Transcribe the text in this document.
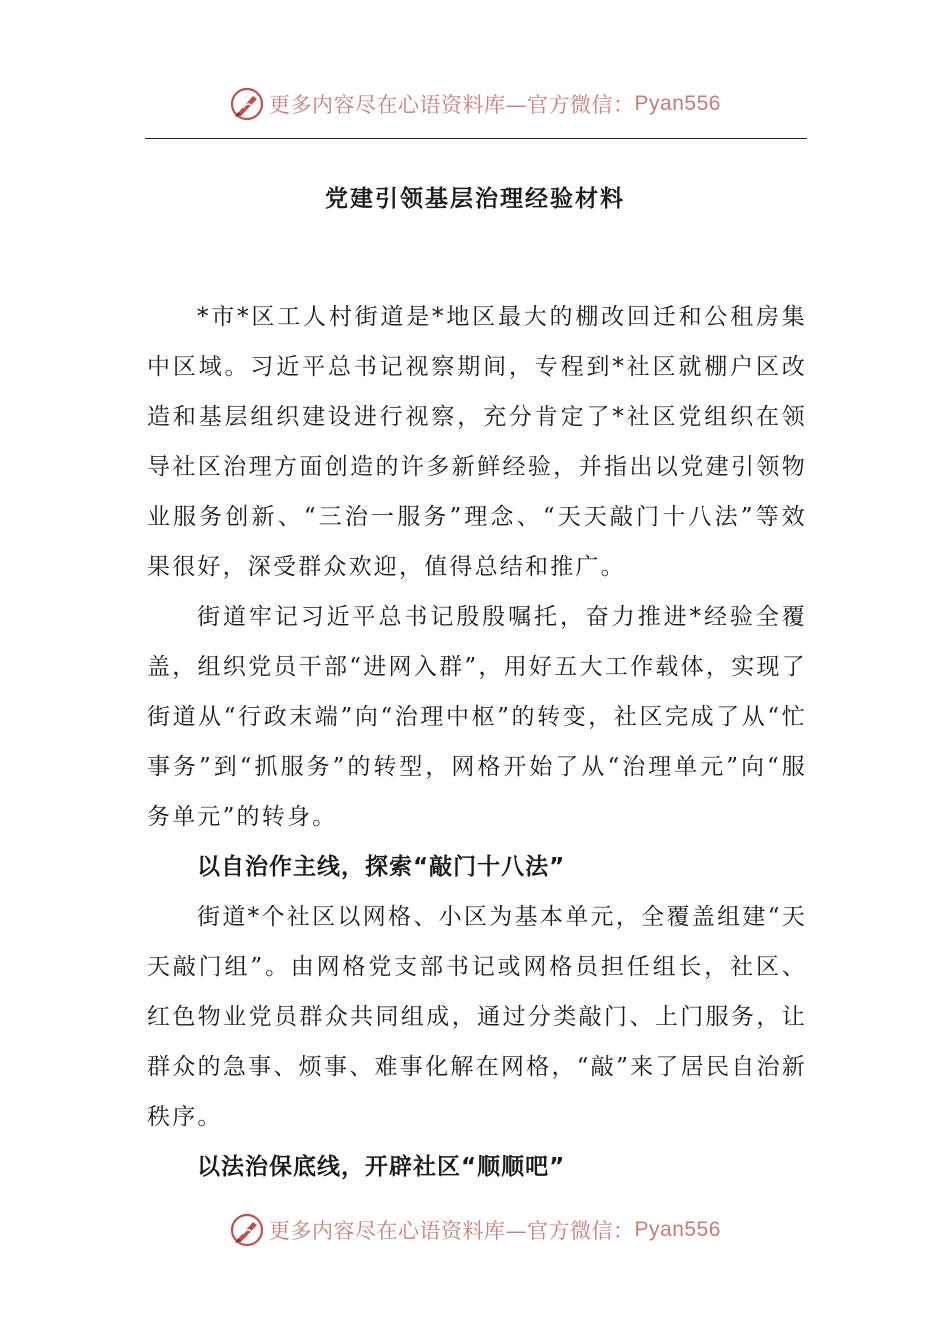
更多内容尽在心语资料库—官方微信： Pyan556
党建引领基层治理经验材料

*市*区工人村街道是*地区最大的棚改回迁和公租房集中区域。习近平总书记视察期间，专程到*社区就棚户区改造和基层组织建设进行视察，充分肯定了*社区党组织在领导社区治理方面创造的许多新鲜经验，并指出以党建引领物业服务创新、“三治一服务”理念、“天天敲门十八法”等效果很好，深受群众欢迎，值得总结和推广。

街道牢记习近平总书记殷殷嘱托，奋力推进*经验全覆盖，组织党员干部“进网入群”，用好五大工作载体，实现了街道从“行政末端”向“治理中枢”的转变，社区完成了从“忙事务”到“抓服务”的转型，网格开始了从“治理单元”向“服务单元”的转身。

以自治作主线，探索“敲门十八法”

街道*个社区以网格、小区为基本单元，全覆盖组建“天天敲门组”。由网格党支部书记或网格员担任组长，社区、红色物业党员群众共同组成，通过分类敲门、上门服务，让群众的急事、烦事、难事化解在网格，“敲”来了居民自治新秩序。

以法治保底线，开辟社区“顺顺吧”

更多内容尽在心语资料库—官方微信： Pyan556
